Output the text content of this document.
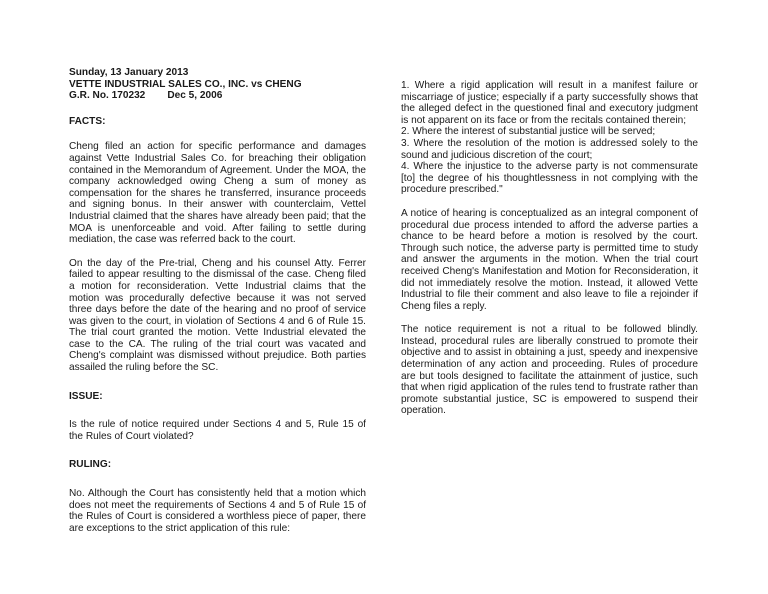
Sunday, 13 January 2013
VETTE INDUSTRIAL SALES CO., INC. vs CHENG
G.R. No. 170232 Dec 5, 2006

FACTS:

Cheng filed an action for specific performance and damages against Vette Industrial Sales Co. for breaching their obligation contained in the Memorandum of Agreement. Under the MOA, the company acknowledged owing Cheng a sum of money as compensation for the shares he transferred, insurance proceeds and signing bonus. In their answer with counterclaim, Vettel Industrial claimed that the shares have already been paid; that the MOA is unenforceable and void. After failing to settle during mediation, the case was referred back to the court.

On the day of the Pre-trial, Cheng and his counsel Atty. Ferrer failed to appear resulting to the dismissal of the case. Cheng filed a motion for reconsideration. Vette Industrial claims that the motion was procedurally defective because it was not served three days before the date of the hearing and no proof of service was given to the court, in violation of Sections 4 and 6 of Rule 15. The trial court granted the motion. Vette Industrial elevated the case to the CA. The ruling of the trial court was vacated and Cheng's complaint was dismissed without prejudice. Both parties assailed the ruling before the SC.

ISSUE:

Is the rule of notice required under Sections 4 and 5, Rule 15 of the Rules of Court violated?

RULING:

No. Although the Court has consistently held that a motion which does not meet the requirements of Sections 4 and 5 of Rule 15 of the Rules of Court is considered a worthless piece of paper, there are exceptions to the strict application of this rule:

1. Where a rigid application will result in a manifest failure or miscarriage of justice; especially if a party successfully shows that the alleged defect in the questioned final and executory judgment is not apparent on its face or from the recitals contained therein;
2. Where the interest of substantial justice will be served;
3. Where the resolution of the motion is addressed solely to the sound and judicious discretion of the court;
4. Where the injustice to the adverse party is not commensurate [to] the degree of his thoughtlessness in not complying with the procedure prescribed."

A notice of hearing is conceptualized as an integral component of procedural due process intended to afford the adverse parties a chance to be heard before a motion is resolved by the court. Through such notice, the adverse party is permitted time to study and answer the arguments in the motion. When the trial court received Cheng's Manifestation and Motion for Reconsideration, it did not immediately resolve the motion. Instead, it allowed Vette Industrial to file their comment and also leave to file a rejoinder if Cheng files a reply.

The notice requirement is not a ritual to be followed blindly. Instead, procedural rules are liberally construed to promote their objective and to assist in obtaining a just, speedy and inexpensive determination of any action and proceeding. Rules of procedure are but tools designed to facilitate the attainment of justice, such that when rigid application of the rules tend to frustrate rather than promote substantial justice, SC is empowered to suspend their operation.
